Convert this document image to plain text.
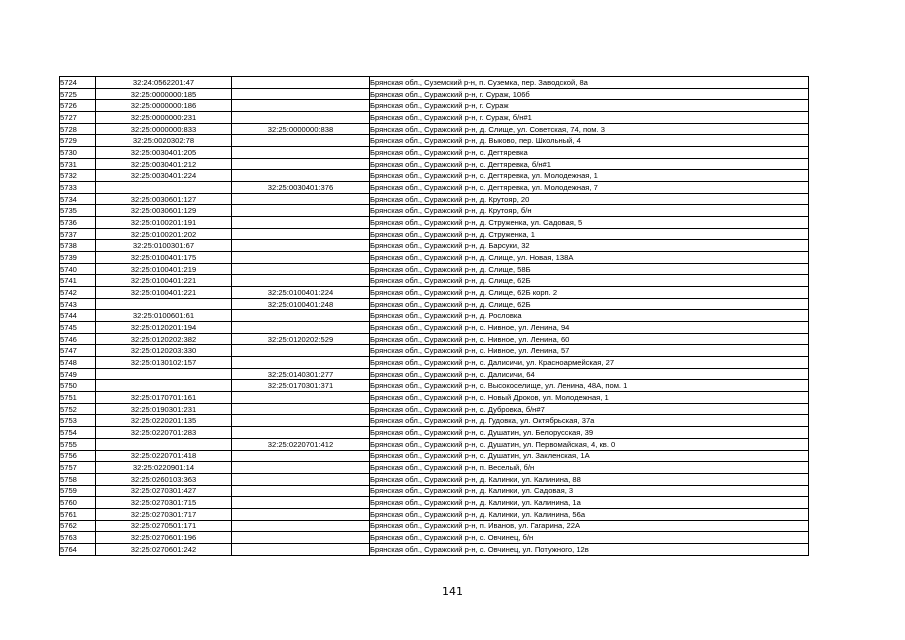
5724	32:24:0562201:47		Брянская обл., Суземский р-н, п. Суземка, пер. Заводской, 8а
5725	32:25:0000000:185		Брянская обл., Суражский р-н, г. Сураж, 106б
5726	32:25:0000000:186		Брянская обл., Суражский р-н, г. Сураж
5727	32:25:0000000:231		Брянская обл., Суражский р-н, г. Сураж, б/н#1
5728	32:25:0000000:833	32:25:0000000:838	Брянская обл., Суражский р-н, д. Слище, ул. Советская, 74, пом. 3
5729	32:25:0020302:78		Брянская обл., Суражский р-н, д. Выково, пер. Школьный, 4
5730	32:25:0030401:205		Брянская обл., Суражский р-н, с. Дегтяревка
5731	32:25:0030401:212		Брянская обл., Суражский р-н, с. Дегтяревка, б/н#1
5732	32:25:0030401:224		Брянская обл., Суражский р-н, с. Дегтяревка, ул. Молодежная, 1
5733		32:25:0030401:376	Брянская обл., Суражский р-н, с. Дегтяревка, ул. Молодежная, 7
5734	32:25:0030601:127		Брянская обл., Суражский р-н, д. Крутояр, 20
5735	32:25:0030601:129		Брянская обл., Суражский р-н, д. Крутояр, б/н
5736	32:25:0100201:191		Брянская обл., Суражский р-н, д. Струженка, ул. Садовая, 5
5737	32:25:0100201:202		Брянская обл., Суражский р-н, д. Струженка, 1
5738	32:25:0100301:67		Брянская обл., Суражский р-н, д. Барсуки, 32
5739	32:25:0100401:175		Брянская обл., Суражский р-н, д. Слище, ул. Новая, 138А
5740	32:25:0100401:219		Брянская обл., Суражский р-н, д. Слище, 58Б
5741	32:25:0100401:221		Брянская обл., Суражский р-н, д. Слище, 62Б
5742	32:25:0100401:221	32:25:0100401:224	Брянская обл., Суражский р-н, д. Слище, 62Б корп. 2
5743		32:25:0100401:248	Брянская обл., Суражский р-н, д. Слище, 62Б
5744	32:25:0100601:61		Брянская обл., Суражский р-н, д. Рословка
5745	32:25:0120201:194		Брянская обл., Суражский р-н, с. Нивное, ул. Ленина, 94
5746	32:25:0120202:382	32:25:0120202:529	Брянская обл., Суражский р-н, с. Нивное, ул. Ленина, 60
5747	32:25:0120203:330		Брянская обл., Суражский р-н, с. Нивное, ул. Ленина, 57
5748	32:25:0130102:157		Брянская обл., Суражский р-н, с. Далисичи, ул. Красноармейская, 27
5749		32:25:0140301:277	Брянская обл., Суражский р-н, с. Далисичи, 64
5750		32:25:0170301:371	Брянская обл., Суражский р-н, с. Высокоселище, ул. Ленина, 48А, пом. 1
5751	32:25:0170701:161		Брянская обл., Суражский р-н, с. Новый Дроков, ул. Молодежная, 1
5752	32:25:0190301:231		Брянская обл., Суражский р-н, с. Дубровка, б/н#7
5753	32:25:0220201:135		Брянская обл., Суражский р-н, д. Гудовка, ул. Октябрьская, 37а
5754	32:25:0220701:283		Брянская обл., Суражский р-н, с. Душатин, ул. Белорусская, 39
5755		32:25:0220701:412	Брянская обл., Суражский р-н, с. Душатин, ул. Первомайская, 4, кв. 0
5756	32:25:0220701:418		Брянская обл., Суражский р-н, с. Душатин, ул. Закленская, 1А
5757	32:25:0220901:14		Брянская обл., Суражский р-н, п. Веселый, б/н
5758	32:25:0260103:363		Брянская обл., Суражский р-н, д. Калинки, ул. Калинина, 88
5759	32:25:0270301:427		Брянская обл., Суражский р-н, д. Калинки, ул. Садовая, 3
5760	32:25:0270301:715		Брянская обл., Суражский р-н, д. Калинки, ул. Калинина, 1а
5761	32:25:0270301:717		Брянская обл., Суражский р-н, д. Калинки, ул. Калинина, 56а
5762	32:25:0270501:171		Брянская обл., Суражский р-н, п. Иванов, ул. Гагарина, 22А
5763	32:25:0270601:196		Брянская обл., Суражский р-н, с. Овчинец, б/н
5764	32:25:0270601:242		Брянская обл., Суражский р-н, с. Овчинец, ул. Потужного, 12в
141
